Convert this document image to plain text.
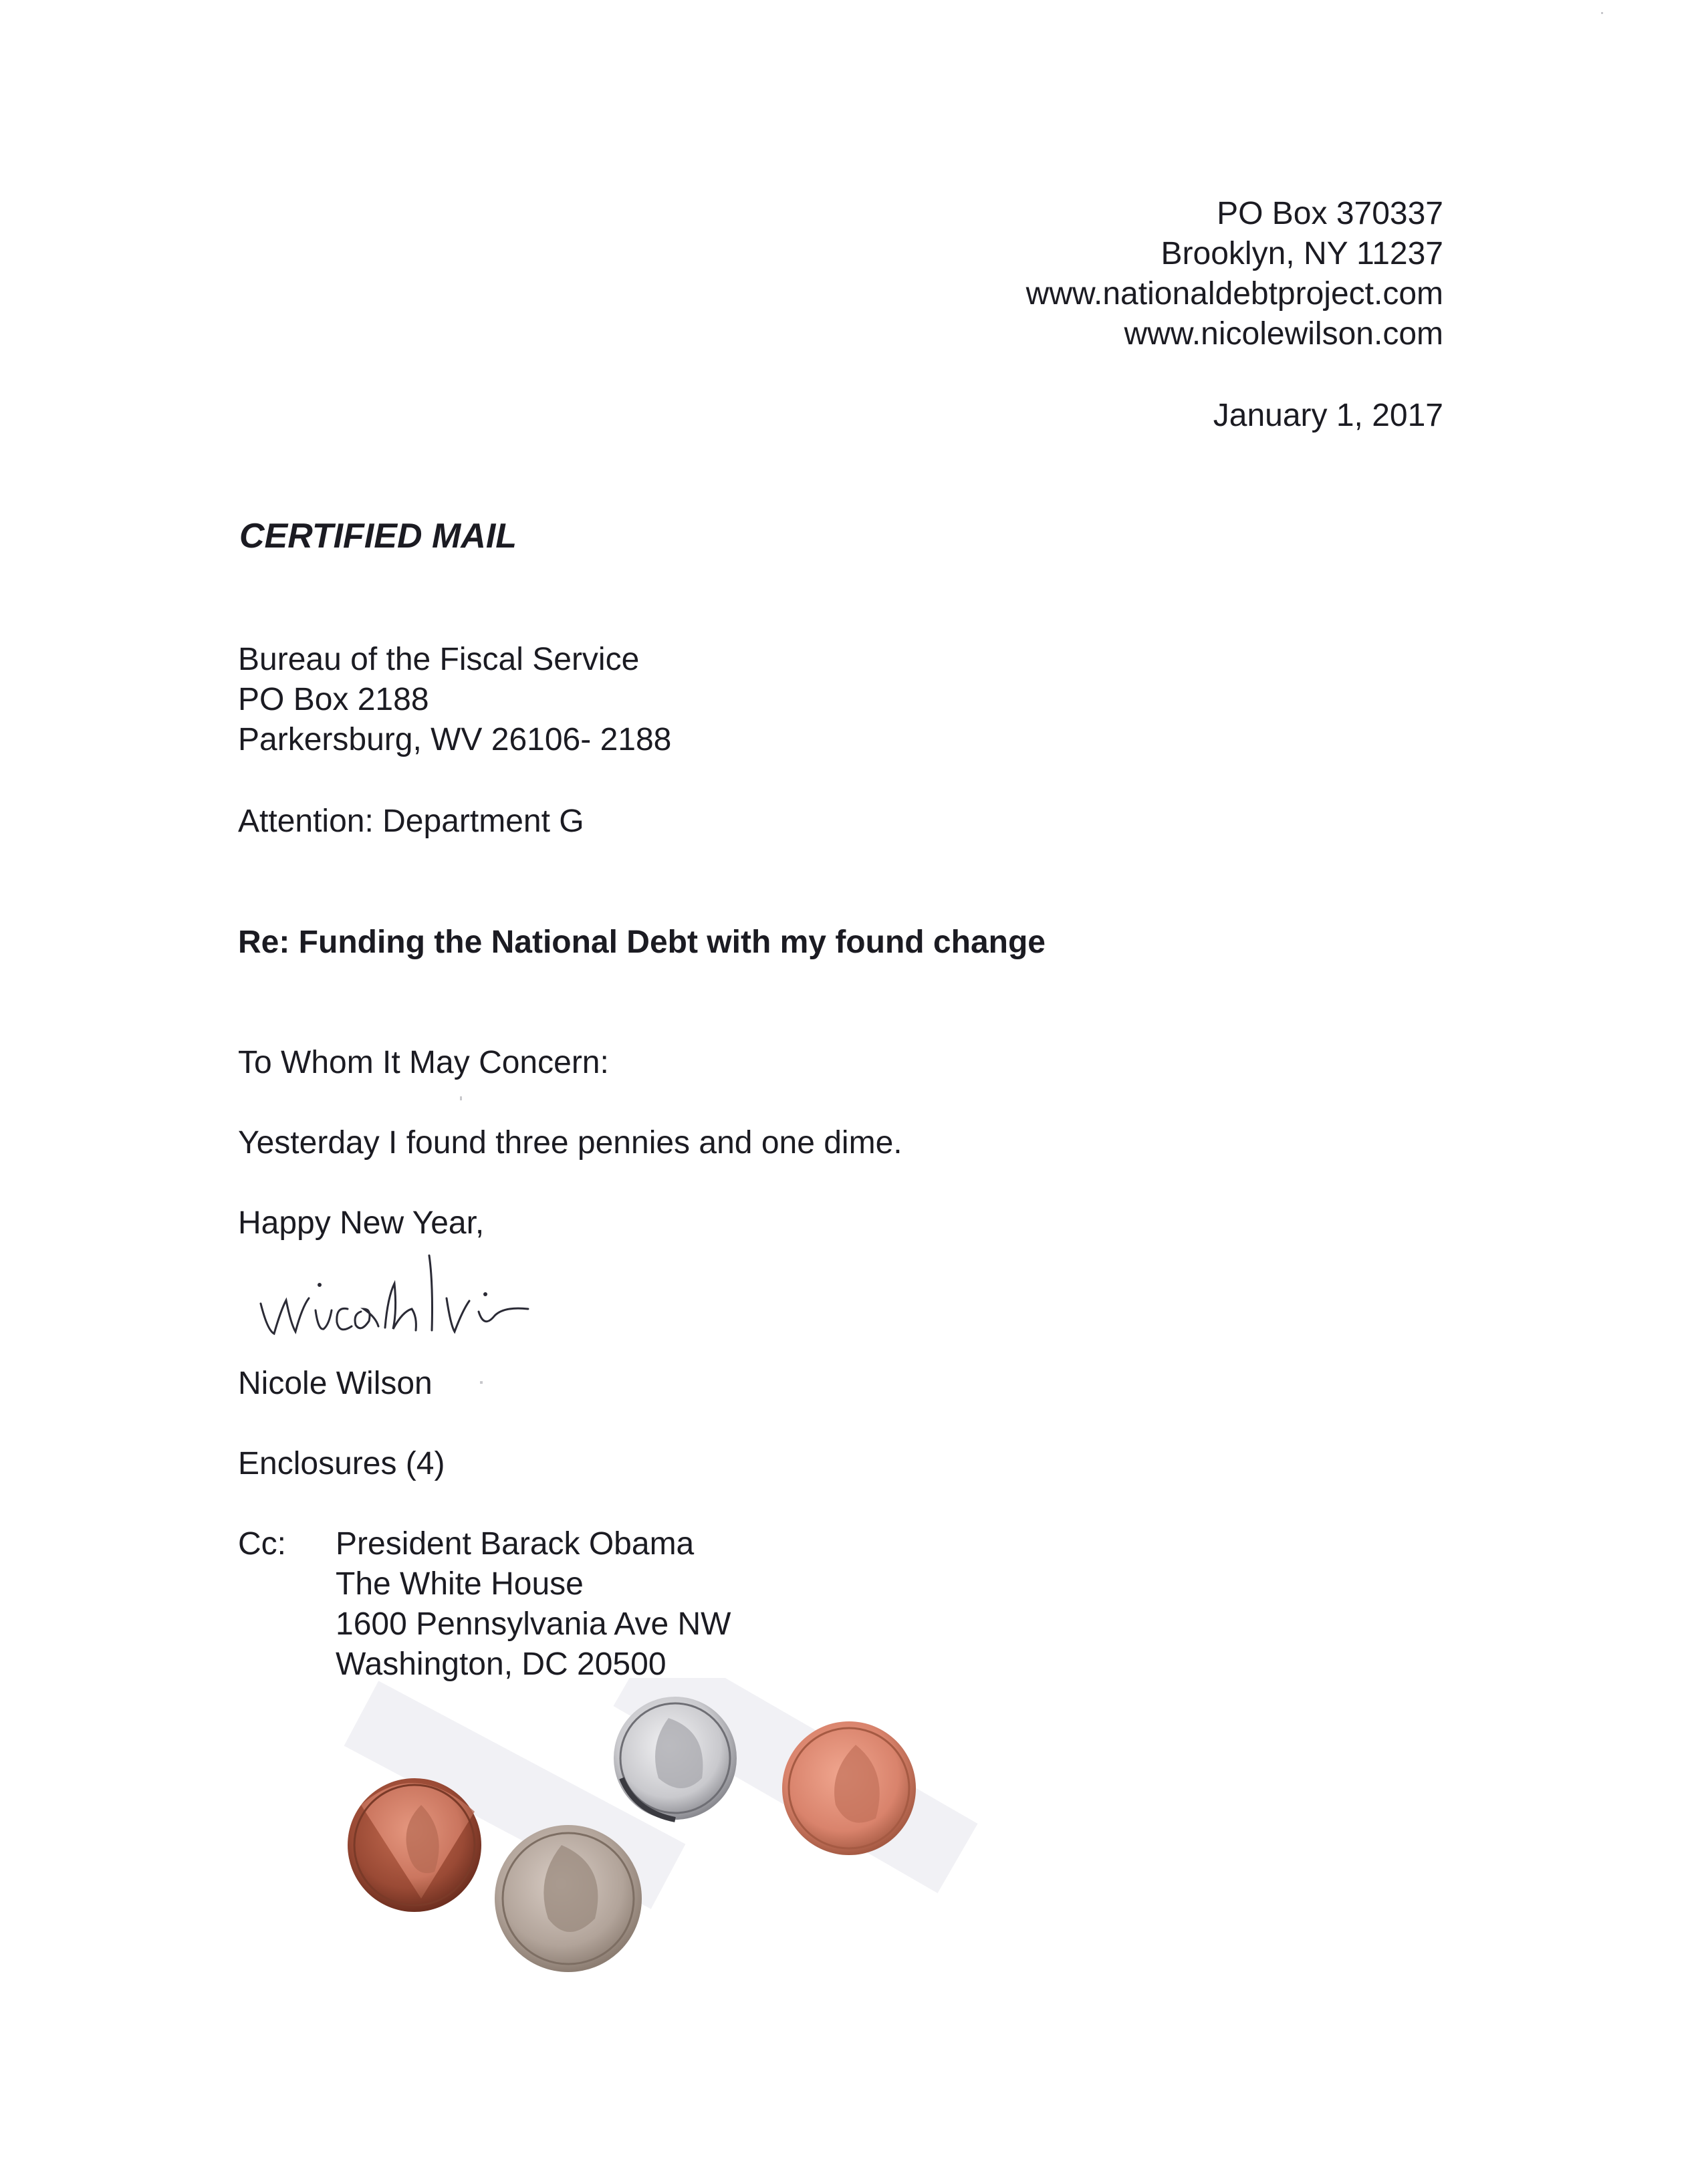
PO Box 370337
Brooklyn, NY 11237
www.nationaldebtproject.com
www.nicolewilson.com
January 1, 2017
CERTIFIED MAIL
Bureau of the Fiscal Service
PO Box 2188
Parkersburg, WV 26106- 2188
Attention: Department G
Re: Funding the National Debt with my found change
To Whom It May Concern:
Yesterday I found three pennies and one dime.
Happy New Year,
Nicole Wilson
Enclosures (4)
Cc: President Barack Obama
The White House
1600 Pennsylvania Ave NW
Washington, DC 20500
